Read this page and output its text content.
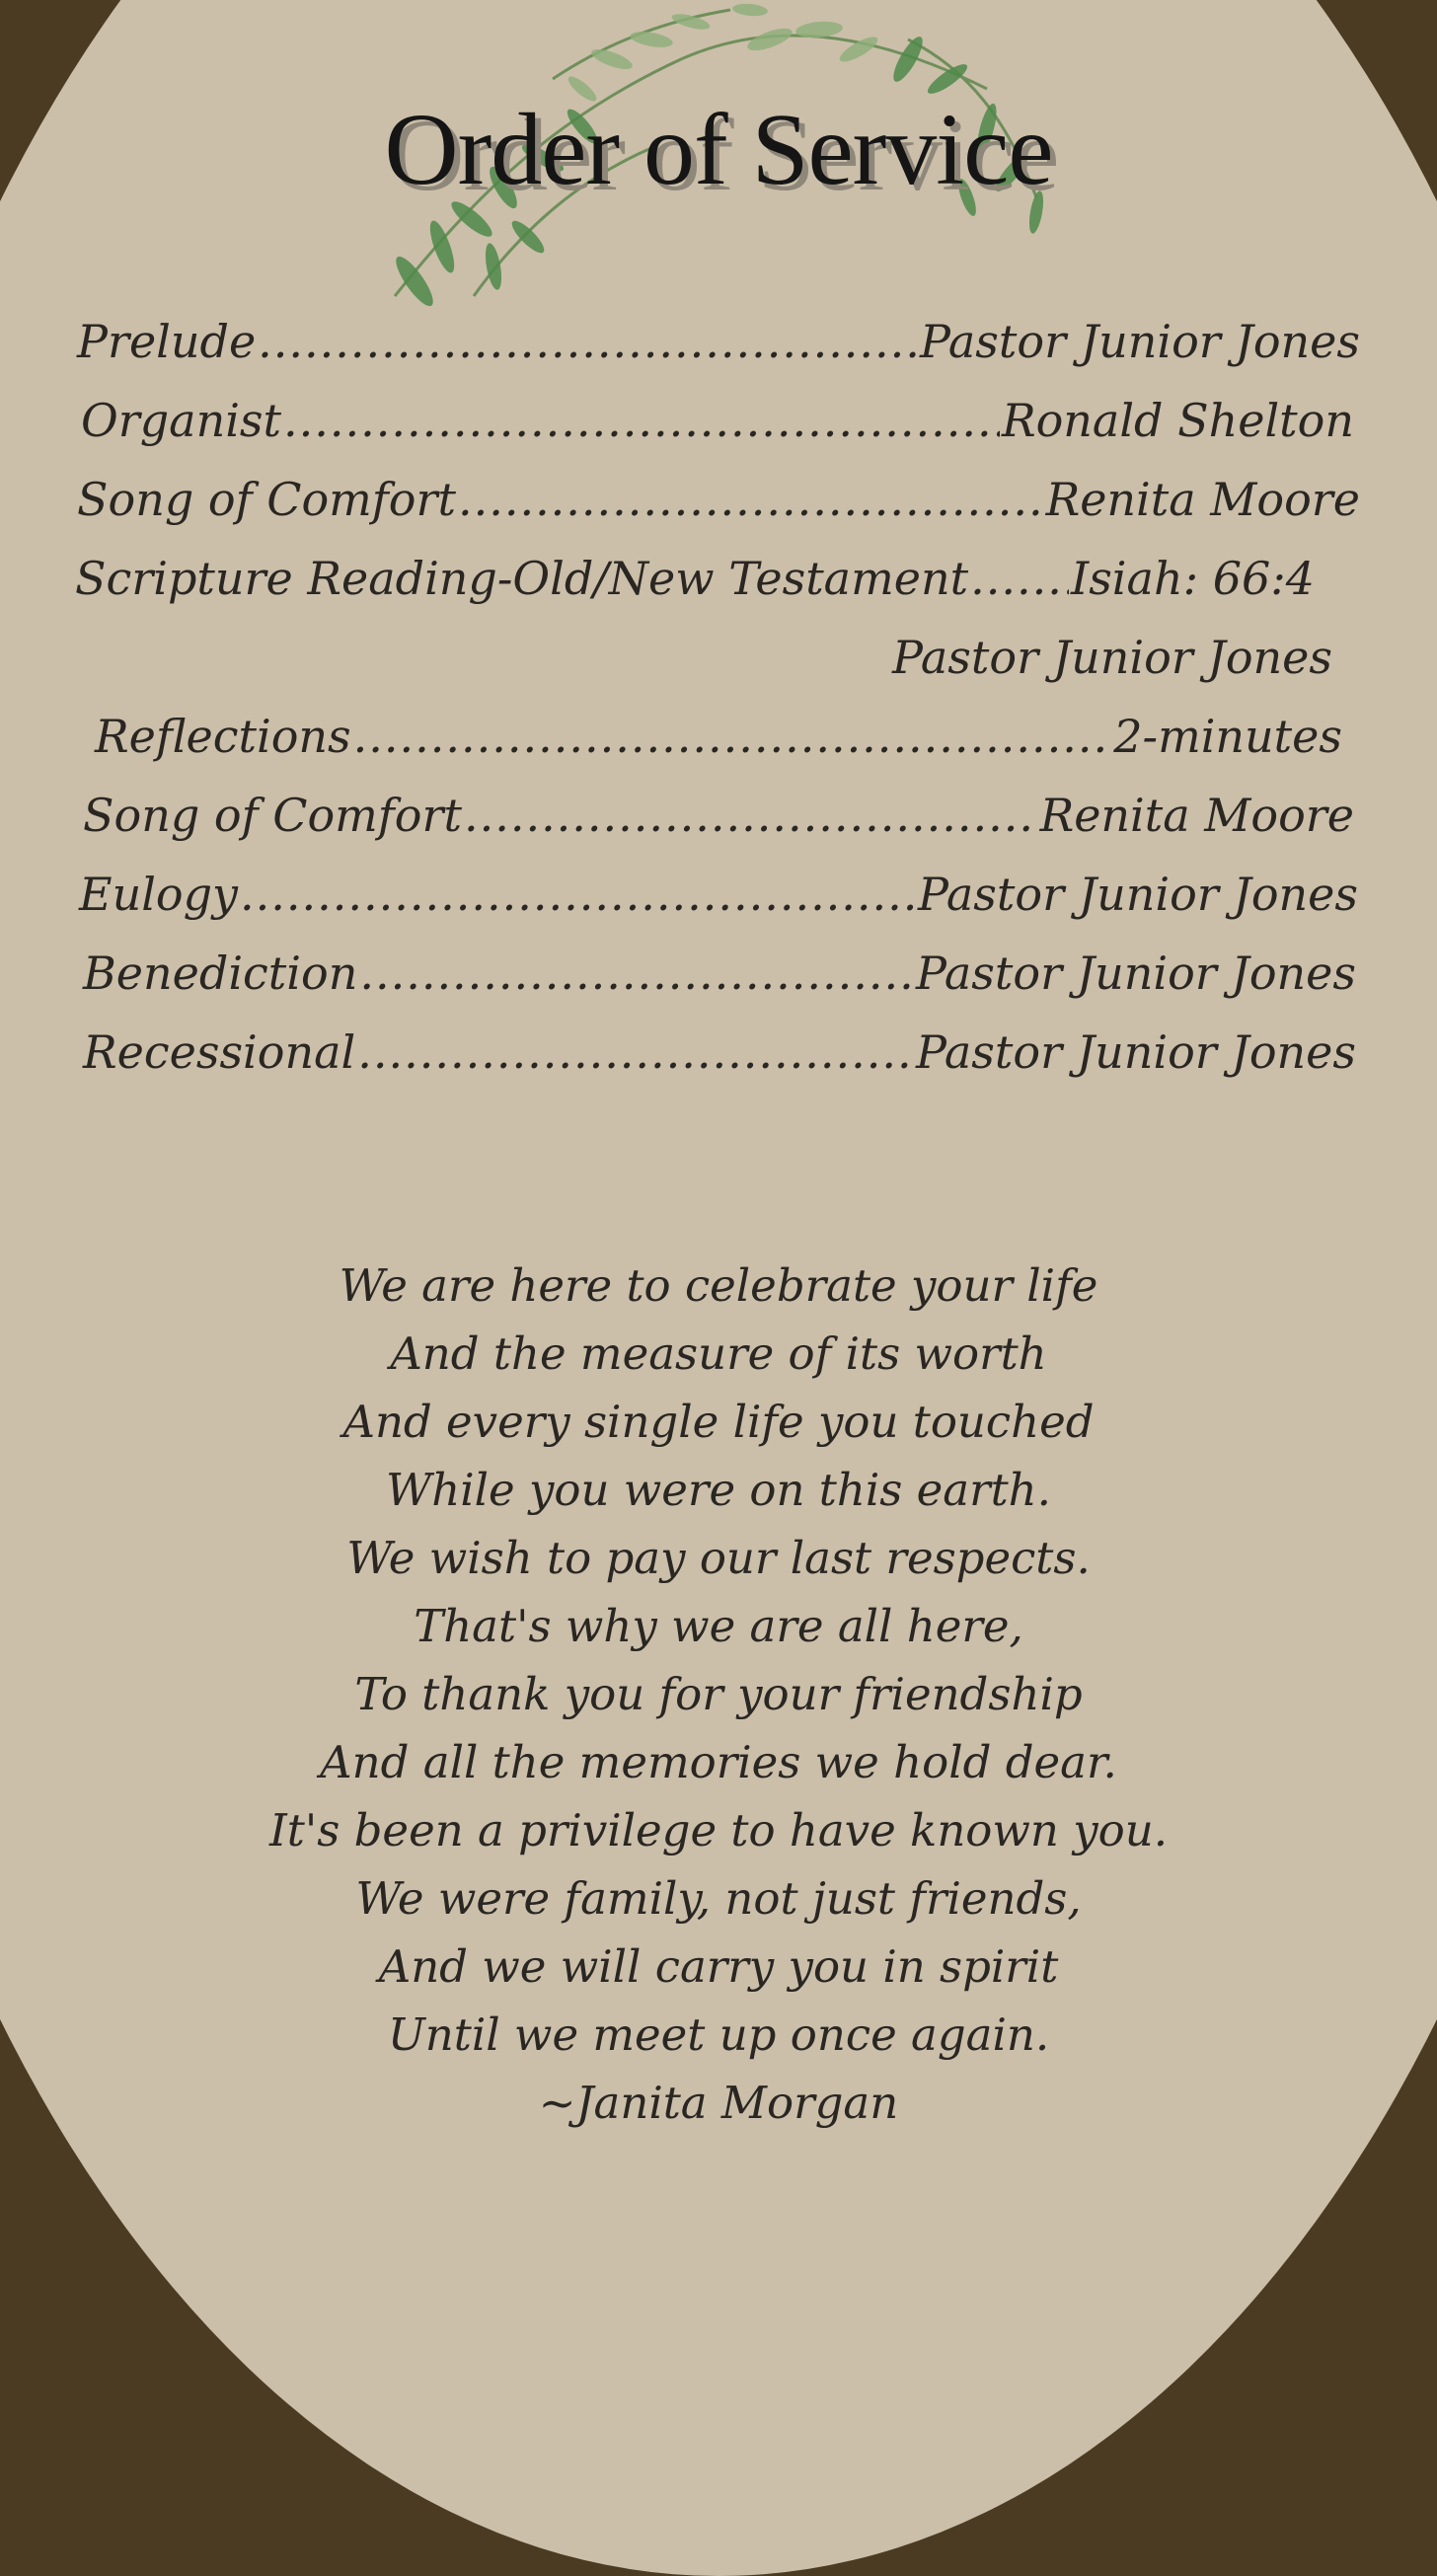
Order of Service
Prelude .....	Pastor Junior Jones
Organist .....	Ronald Shelton
Song of Comfort .....	Renita Moore
Scripture Reading-Old/New Testament ..... Isiah: 66:4
Pastor Junior Jones
Reflections .....	2-minutes
Song of Comfort .....	Renita Moore
Eulogy .....	Pastor Junior Jones
Benediction .....	Pastor Junior Jones
Recessional .....	Pastor Junior Jones
We are here to celebrate your life
And the measure of its worth
And every single life you touched
While you were on this earth.
We wish to pay our last respects.
That's why we are all here,
To thank you for your friendship
And all the memories we hold dear.
It's been a privilege to have known you.
We were family, not just friends,
And we will carry you in spirit
Until we meet up once again.
~Janita Morgan
